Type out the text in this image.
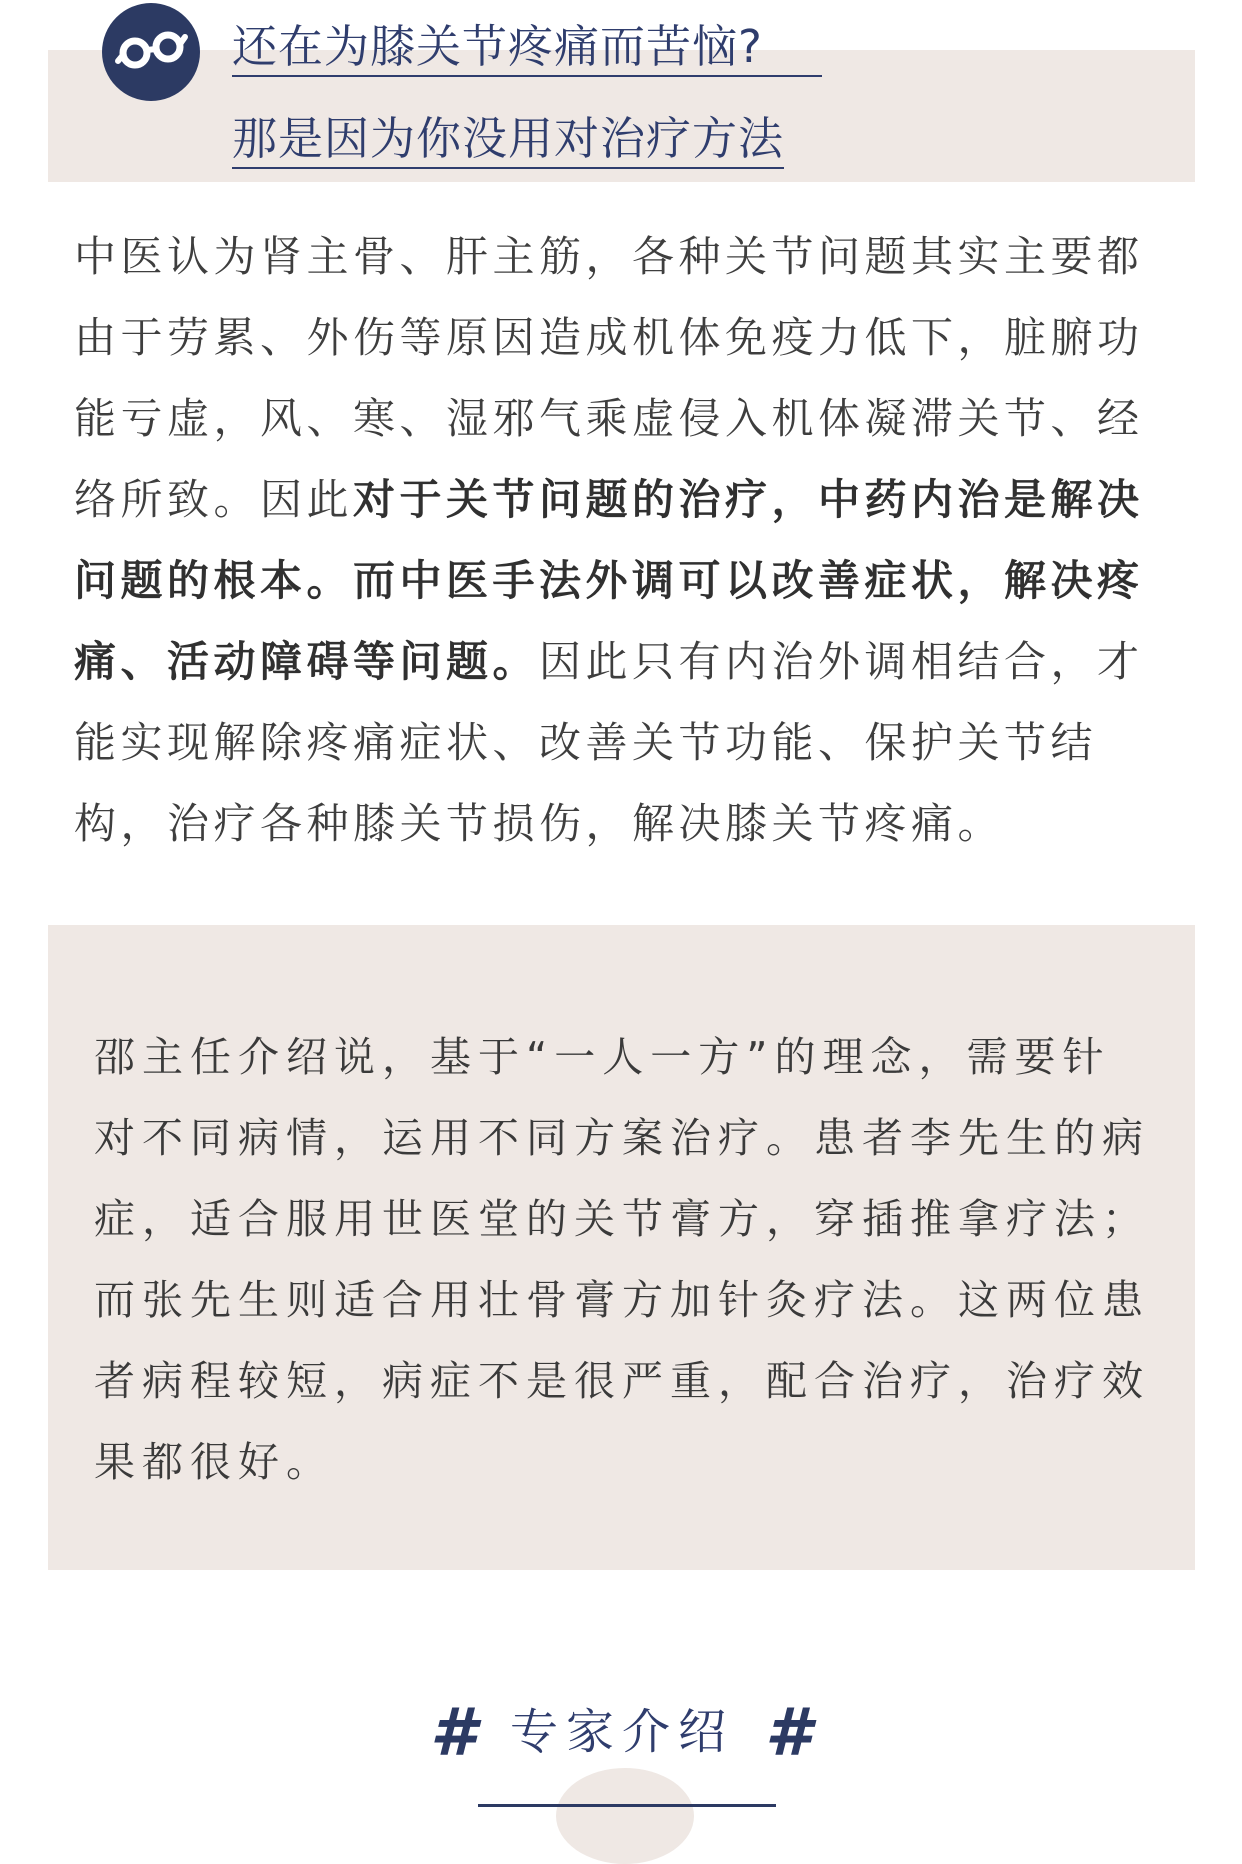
还在为膝关节疼痛而苦恼?
那是因为你没用对治疗方法

中医认为肾主骨、肝主筋，各种关节问题其实主要都由于劳累、外伤等原因造成机体免疫力低下，脏腑功能亏虚，风、寒、湿邪气乘虚侵入机体凝滞关节、经络所致。因此对于关节问题的治疗，中药内治是解决问题的根本。而中医手法外调可以改善症状，解决疼痛、活动障碍等问题。因此只有内治外调相结合，才能实现解除疼痛症状、改善关节功能、保护关节结构，治疗各种膝关节损伤，解决膝关节疼痛。

邵主任介绍说，基于“一人一方”的理念，需要针对不同病情，运用不同方案治疗。患者李先生的病症，适合服用世医堂的关节膏方，穿插推拿疗法；而张先生则适合用壮骨膏方加针灸疗法。这两位患者病程较短，病症不是很严重，配合治疗，治疗效果都很好。

# 专家介绍 #
